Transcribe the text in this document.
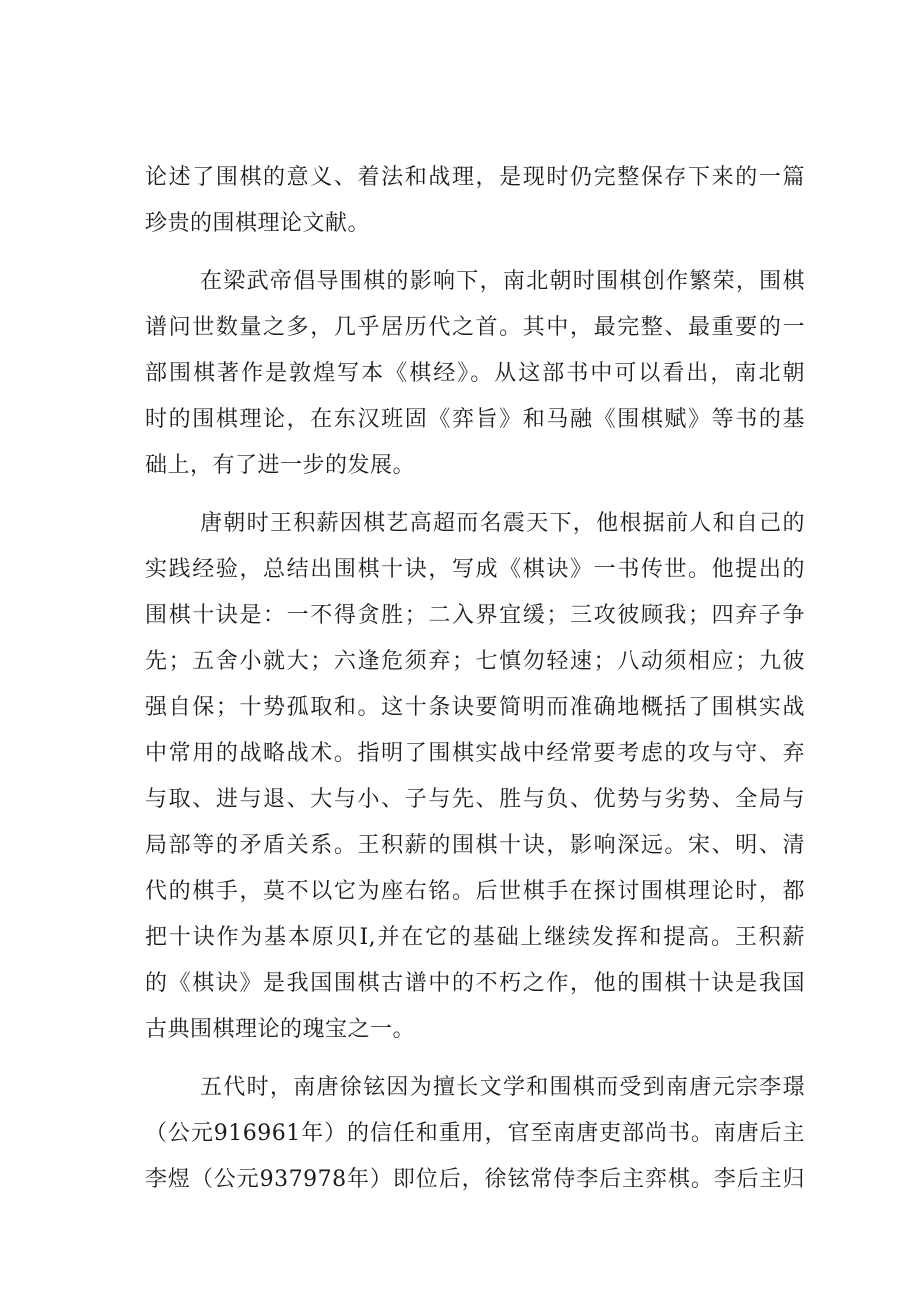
论述了围棋的意义、着法和战理，是现时仍完整保存下来的一篇
珍贵的围棋理论文献。
在梁武帝倡导围棋的影响下，南北朝时围棋创作繁荣，围棋
谱问世数量之多，几乎居历代之首。其中，最完整、最重要的一
部围棋著作是敦煌写本《棋经》。从这部书中可以看出，南北朝
时的围棋理论，在东汉班固《弈旨》和马融《围棋赋》等书的基
础上，有了进一步的发展。
唐朝时王积薪因棋艺高超而名震天下，他根据前人和自己的
实践经验，总结出围棋十诀，写成《棋诀》一书传世。他提出的
围棋十诀是：一不得贪胜；二入界宜缓；三攻彼顾我；四弃子争
先；五舍小就大；六逢危须弃；七慎勿轻速；八动须相应；九彼
强自保；十势孤取和。这十条诀要简明而准确地概括了围棋实战
中常用的战略战术。指明了围棋实战中经常要考虑的攻与守、弃
与取、进与退、大与小、子与先、胜与负、优势与劣势、全局与
局部等的矛盾关系。王积薪的围棋十诀，影响深远。宋、明、清
代的棋手，莫不以它为座右铭。后世棋手在探讨围棋理论时，都
把十诀作为基本原贝I,并在它的基础上继续发挥和提高。王积薪
的《棋诀》是我国围棋古谱中的不朽之作，他的围棋十诀是我国
古典围棋理论的瑰宝之一。
五代时，南唐徐铉因为擅长文学和围棋而受到南唐元宗李璟
（公元916961年）的信任和重用，官至南唐吏部尚书。南唐后主
李煜（公元937978年）即位后，徐铉常侍李后主弈棋。李后主归
